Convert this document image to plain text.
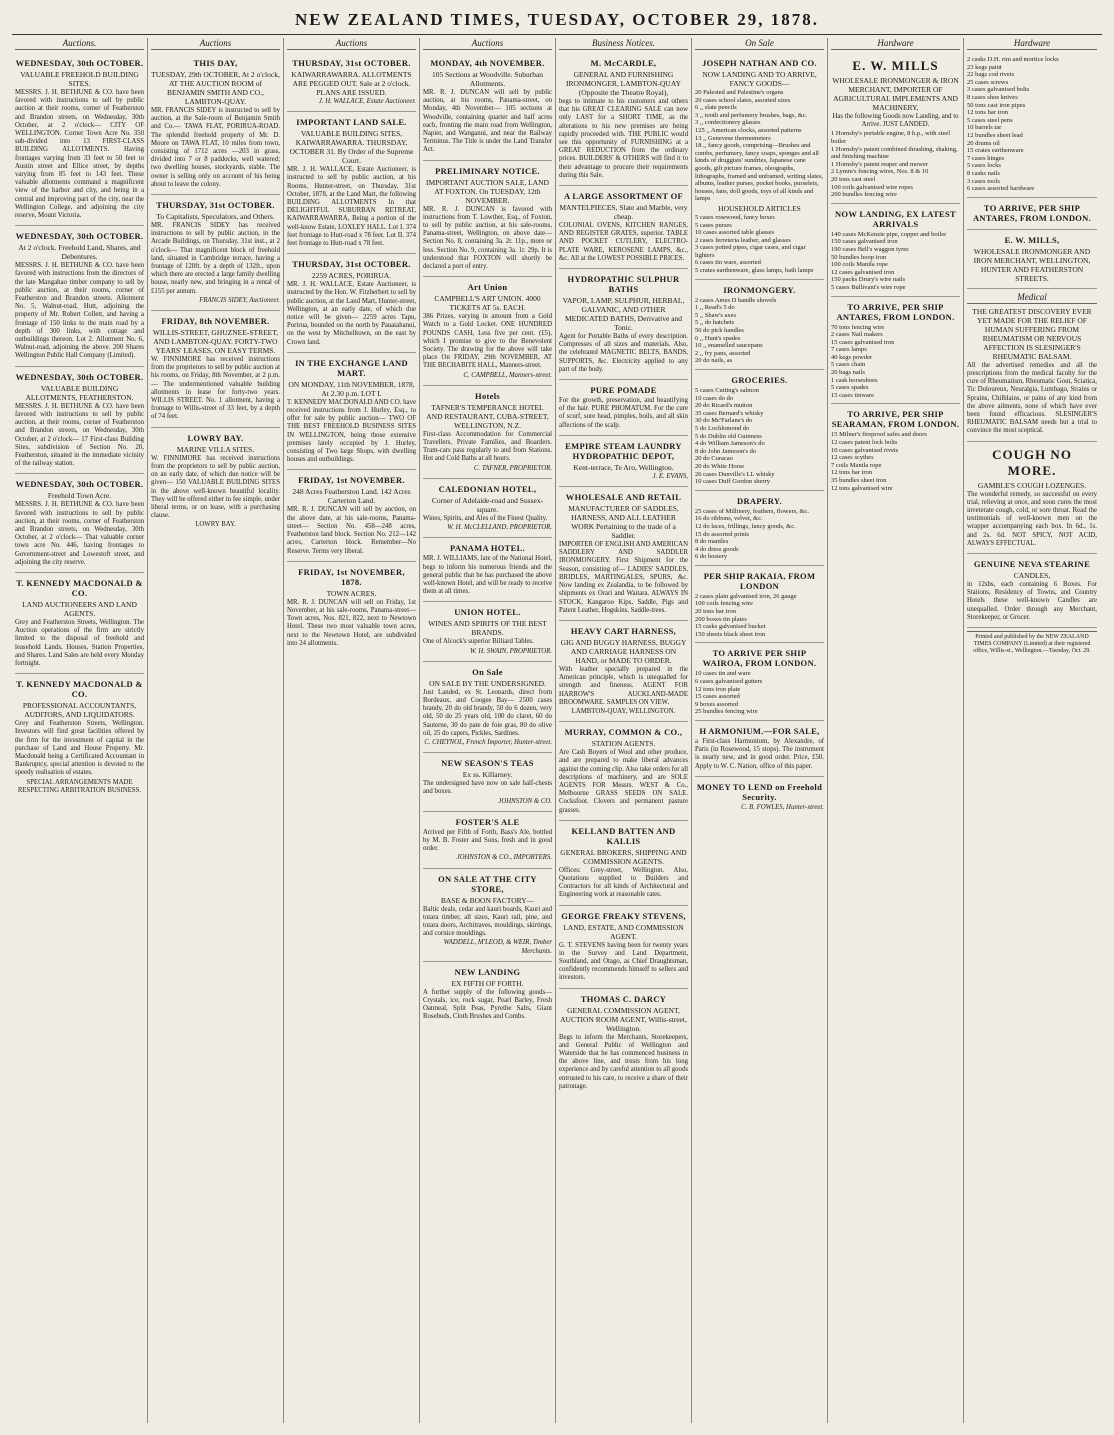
NEW ZEALAND TIMES, TUESDAY, OCTOBER 29, 1878.
Auctions.
WEDNESDAY, 30th OCTOBER.
VALUABLE FREEHOLD BUILDING SITES.

MESSRS. J. H. BETHUNE & CO. have been favored with instructions to sell by public auction at their rooms, corner of Featherston and Brandon streets, on Wednesday, 30th October, at 2 o'clock— CITY OF WELLINGTON. Corner Town Acre No. 350 sub-divided into 13 FIRST-CLASS BUILDING ALLOTMENTS. Having frontages varying from 33 feet to 50 feet to Austin street and Ellice street, by depths varying from 85 feet to 143 feet. These valuable allotments command a magnificent view of the harbor and city, and being in a central and improving part of the city, near the Wellington College, and adjoining the city reserve, Mount Victoria.

WEDNESDAY, 30th OCTOBER.
At 2 o'clock. Freehold Land, Shares, and Debentures.

MESSRS. J. H. BETHUNE & CO. have been favored with instructions from the directors of the late Mangahao timber company to sell by public auction, at their rooms, corner of Featherston and Brandon streets. Allotment No. 5, Walnut-road, Hutt, adjoining the property of Mr. Robert Collett, and having a frontage of 150 links to the main road by a depth of 300 links, with cottage and outbuildings thereon. Lot 2. Allotment No. 6, Walnut-road, adjoining the above. 200 Shares Wellington Public Hall Company (Limited).

WEDNESDAY, 30th OCTOBER.
VALUABLE BUILDING ALLOTMENTS, FEATHERSTON.

MESSRS. J. H. BETHUNE & CO. have been favored with instructions to sell by public auction, at their rooms, corner of Featherston and Brandon streets, on Wednesday, 30th October, at 2 o'clock— 17 First-class Building Sites, subdivision of Section No. 20, Featherston, situated in the immediate vicinity of the railway station.

WEDNESDAY, 30th OCTOBER.
Freehold Town Acre.

MESSRS. J. H. BETHUNE & CO. have been favored with instructions to sell by public auction, at their rooms, corner of Featherston and Brandon streets, on Wednesday, 30th October, at 2 o'clock— That valuable corner town acre No. 446, having frontages to Government-street and Lowestoft street, and adjoining the city reserve.

T. KENNEDY MACDONALD & CO.
LAND AUCTIONEERS AND LAND AGENTS.

Grey and Featherston Streets, Wellington. The Auction operations of the firm are strictly limited to the disposal of freehold and leasehold Lands, Houses, Station Properties, and Shares. Land Sales are held every Monday fortnight.

T. KENNEDY MACDONALD & CO.
PROFESSIONAL ACCOUNTANTS, AUDITORS, AND LIQUIDATORS.

Grey and Featherston Streets, Wellington. Investors will find great facilities offered by the firm for the investment of capital in the purchase of Land and House Property. Mr. Macdonald being a Certificated Accountant in Bankruptcy, special attention is devoted to the speedy realisation of estates.

SPECIAL ARRANGEMENTS MADE RESPECTING ARBITRATION BUSINESS.

Auctions
THIS DAY,
TUESDAY, 29th OCTOBER, At 2 o'clock, AT THE AUCTION ROOM of BENJAMIN SMITH AND CO., LAMBTON-QUAY.

MR. FRANCIS SIDEY is instructed to sell by auction, at the Sale-room of Benjamin Smith and Co.— TAWA FLAT, PORIRUA-ROAD. The splendid freehold property of Mr. D. Moore on TAWA FLAT, 10 miles from town, consisting of 1712 acres —203 in grass, divided into 7 or 8 paddocks, well watered; two dwelling houses, stockyards, stable. The owner is selling only on account of his being about to leave the colony.

THURSDAY, 31st OCTOBER.
To Capitalists, Speculators, and Others.

MR. FRANCIS SIDEY has received instructions to sell by public auction, in the Arcade Buildings, on Thursday, 31st inst., at 2 o'clock— That magnificent block of freehold land, situated in Cambridge terrace, having a frontage of 120ft. by a depth of 132ft., upon which there are erected a large family dwelling house, nearly new, and bringing in a rental of £155 per annum.

FRANCIS SIDEY, Auctioneer.

FRIDAY, 8th NOVEMBER.
WILLIS-STREET, GHUZNEE-STREET, AND LAMBTON-QUAY. FORTY-TWO YEARS' LEASES, ON EASY TERMS.

W. FINNIMORE has received instructions from the proprietors to sell by public auction at his rooms, on Friday, 8th November, at 2 p.m.— The undermentioned valuable building allotments in lease for forty-two years. WILLIS STREET. No. 1 allotment, having a frontage to Willis-street of 33 feet, by a depth of 74 feet.

LOWRY BAY.
MARINE VILLA SITES.

W. FINNIMORE has received instructions from the proprietors to sell by public auction, on an early date, of which due notice will be given— 150 VALUABLE BUILDING SITES in the above well-known beautiful locality. They will be offered either in fee simple, under liberal terms, or on lease, with a purchasing clause.

LOWRY BAY.

Auctions
THURSDAY, 31st OCTOBER.
KAIWARRAWARRA. ALLOTMENTS ARE PEGGED OUT. Sale at 2 o'clock. PLANS ARE ISSUED.

J. H. WALLACE, Estate Auctioneer.

IMPORTANT LAND SALE.
VALUABLE BUILDING SITES, KAIWARRAWARRA. THURSDAY, OCTOBER 31. By Order of the Supreme Court.

MR. J. H. WALLACE, Estate Auctioneer, is instructed to sell by public auction, at his Rooms, Hunter-street, on Thursday, 31st October, 1878, at the Land Mart, the following BUILDING ALLOTMENTS In that DELIGHTFUL SUBURBAN RETREAT, KAIWARRAWARRA, Being a portion of the well-know Estate, LOXLEY HALL. Lot I. 374 feet frontage to Hutt-road x 78 feet. Lot II. 374 feet frontage to Hutt-road x 78 feet.

THURSDAY, 31st OCTOBER.
2259 ACRES, PORIRUA.

MR. J. H. WALLACE, Estate Auctioneer, is instructed by the Hon. W. Fitzherbert to sell by public auction, at the Land Mart, Hunter-street, Wellington, at an early date, of which due notice will be given— 2259 acres Tapu, Porirua, bounded on the north by Pauatahanui, on the west by Mitchelltown, on the east by Crown land.

IN THE EXCHANGE LAND MART.
ON MONDAY, 11th NOVEMBER, 1878, At 2.30 p.m. LOT I.

T. KENNEDY MACDONALD AND CO. have received instructions from J. Hurley, Esq., to offer for sale by public auction— TWO OF THE BEST FREEHOLD BUSINESS SITES IN WELLINGTON, being those extensive premises lately occupied by J. Hurley, consisting of Two large Shops, with dwelling houses and outbuildings.

FRIDAY, 1st NOVEMBER.
248 Acres Featherston Land. 142 Acres Carterton Land.

MR. R. J. DUNCAN will sell by auction, on the above date, at his sale-rooms, Panama-street— Section No. 458—248 acres, Featherston land block. Section No. 212—142 acres, Carterton block. Remember—No Reserve. Terms very liberal.

FRIDAY, 1st NOVEMBER, 1878.
TOWN ACRES.

MR. R. J. DUNCAN will sell on Friday, 1st November, at his sale-rooms, Panama-street— Town acres, Nos. 821, 822, next to Newtown Hotel. These two most valuable town acres, next to the Newtown Hotel, are subdivided into 24 allotments.

Auctions
MONDAY, 4th NOVEMBER.
105 Sections at Woodville. Suburban Allotments.

MR. R. J. DUNCAN will sell by public auction, at his rooms, Panama-street, on Monday, 4th November— 105 sections at Woodville, containing quarter and half acres each, fronting the main road from Wellington, Napier, and Wanganui, and near the Railway Terminus. The Title is under the Land Transfer Act.

PRELIMINARY NOTICE.
IMPORTANT AUCTION SALE, LAND AT FOXTON. On TUESDAY, 12th NOVEMBER.

MR. R. J. DUNCAN is favored with instructions from T. Lowther, Esq., of Foxton, to sell by public auction, at his sale-rooms, Panama-street, Wellington, on above date— Section No. 8, containing 3a. 2r. 11p., more or less. Section No. 9, containing 3a. 1r. 29p. It is understood that FOXTON will shortly be declared a port of entry.

Art Union
CAMPBELL'S ART UNION. 4000 TICKETS AT 5s. EACH.

386 Prizes, varying in amount from a Gold Watch to a Gold Locket. ONE HUNDRED POUNDS CASH, Less five per cent. (£5), which I promise to give to the Benevolent Society. The drawing for the above will take place On FRIDAY, 29th NOVEMBER, AT THE BECHABITE HALL, Manners-street.

C. CAMPBELL, Manners-street.

Hotels
TAFNER'S TEMPERANCE HOTEL AND RESTAURANT, CUBA-STREET, WELLINGTON, N.Z.

First-class Accommodation for Commercial Travellers, Private Families, and Boarders. Tram-cars pass regularly to and from Stations. Hot and Cold Baths at all hours.

C. TAFNER, PROPRIETOR.

CALEDONIAN HOTEL,
Corner of Adelaide-road and Sussex-square.

Wines, Spirits, and Ales of the Finest Quality.

W. H. McCLELLAND, PROPRIETOR.

PANAMA HOTEL.

MR. J. WILLIAMS, late of the National Hotel, begs to inform his numerous friends and the general public that he has purchased the above well-known Hotel, and will be ready to receive them at all times.

UNION HOTEL.
WINES AND SPIRITS OF THE BEST BRANDS.

One of Alcock's superior Billiard Tables.

W. H. SWAIN, PROPRIETOR.

On Sale
ON SALE BY THE UNDERSIGNED.

Just Landed, ex St. Leonards, direct from Bordeaux, and Coogee Bay— 2500 cases brandy, 20 do old brandy, 50 do 6 dozen, very old, 50 do 25 years old, 100 do claret, 60 do Sauterne, 30 do pate de foie gras, 80 do olive oil, 25 do capers, Pickles, Sardines.

C. CHEYNOL, French Importer, Hunter-street.

NEW SEASON'S TEAS
Ex ss. Killarney.

The undersigned have now on sale half-chests and boxes.

JOHNSTON & CO.

FOSTER'S ALE

Arrived per Fifth of Forth, Bass's Ale, bottled by M. B. Foster and Sons, fresh and in good order.

JOHNSTON & CO., IMPORTERS.

ON SALE AT THE CITY STORE,
BASE & BOON FACTORY—

Baltic deals, cedar and kauri boards, Kauri and totara timber, all sizes, Kauri rail, pine, and totara doors, Architraves, mouldings, skirtings, and cornice mouldings.

WADDELL, M'LEOD, & WEIR, Timber Merchants.

NEW LANDING
EX FIFTH OF FORTH.

A further supply of the following goods— Crystals, ice, rock sugar, Pearl Barley, Fresh Oatmeal, Split Peas, Pyrethe Salts, Giant Rosebuds, Cloth Brushes and Combs.

Business Notices.
M. McCARDLE,
GENERAL AND FURNISHING IRONMONGER, LAMBTON-QUAY (Opposite the Theatre Royal),

begs to intimate to his customers and others that his GREAT CLEARING SALE can now only LAST for a SHORT TIME, as the alterations to his new premises are being rapidly proceeded with. THE PUBLIC would see this opportunity of FURNISHING at a GREAT REDUCTION from the ordinary prices. BUILDERS' & OTHERS will find it to their advantage to procure their requirements during this Sale.

A LARGE ASSORTMENT OF
MANTELPIECES, Slate and Marble, very cheap.

COLONIAL OVENS, KITCHEN RANGES, AND REGISTER GRATES, superior. TABLE AND POCKET CUTLERY, ELECTRO-PLATE WARE, KEROSENE LAMPS, &c., &c. All at the LOWEST POSSIBLE PRICES.

HYDROPATHIC SULPHUR BATHS
VAPOR, LAMP, SULPHUR, HERBAL, GALVANIC, AND OTHER MEDICATED BATHS, Derivative and Tonic.

Agent for Portable Baths of every description. Compresses of all sizes and materials. Also, the celebrated MAGNETIC BELTS, BANDS, SUPPORTS, &c. Electricity applied to any part of the body.

PURE POMADE

For the growth, preservation, and beautifying of the hair. PURE PHOMATUM. For the cure of scurf, sore head, pimples, boils, and all skin affections of the scalp.

EMPIRE STEAM LAUNDRY HYDROPATHIC DEPOT,
Kent-terrace, Te Aro, Wellington.

J. E. EVANS,

WHOLESALE AND RETAIL
MANUFACTURER OF SADDLES, HARNESS, AND ALL LEATHER WORK Pertaining to the trade of a Saddler.

IMPORTER OF ENGLISH AND AMERICAN SADDLERY AND SADDLER IRONMONGERY. First Shipment for the Season, consisting of— LADIES' SADDLES, BRIDLES, MARTINGALES, SPURS, &c. Now landing ex Zealandia, to be followed by shipments ex Orari and Waitara. ALWAYS IN STOCK, Kangaroo Kips, Saddle, Pigs and Patent Leather, Hogskins, Saddle-trees.

HEAVY CART HARNESS,
GIG AND BUGGY HARNESS, BUGGY AND CARRIAGE HARNESS ON HAND, or MADE TO ORDER.

With leather specially prepared in the American principle, which is unequalled for strength and fineness. AGENT FOR HARROW'S AUCKLAND-MADE BROOMWARE. SAMPLES ON VIEW.

LAMBTON-QUAY, WELLINGTON.

MURRAY, COMMON & CO.,
STATION AGENTS.

Are Cash Buyers of Wool and other produce, and are prepared to make liberal advances against the coming clip. Also take orders for all descriptions of machinery, and are SOLE AGENTS FOR Messrs. WEST & Co., Melbourne GRASS SEEDS ON SALE. Cocksfoot. Clovers and permanent pasture grasses.

KELLAND BATTEN AND KALLIS
GENERAL BROKERS, SHIPPING AND COMMISSION AGENTS.

Offices: Grey-street, Wellington. Also, Quotations supplied to Builders and Contractors for all kinds of Architectural and Engineering work at reasonable rates.

GEORGE FREAKY STEVENS,
LAND, ESTATE, AND COMMISSION AGENT.

G. T. STEVENS having been for twenty years in the Survey and Land Department, Southland, and Otago, as Chief Draughtsman, confidently recommends himself to sellers and investors.

THOMAS C. DARCY
GENERAL COMMISSION AGENT, AUCTION ROOM AGENT, Willis-street, Wellington.

Begs to inform the Merchants, Storekeepers, and General Public of Wellington and Waterside that he has commenced business in the above line, and trusts from his long experience and by careful attention to all goods entrusted to his care, to receive a share of their patronage.

On Sale
JOSEPH NATHAN AND CO.
NOW LANDING AND TO ARRIVE, FANCY GOODS—
20 Palested and Palestine's organs
20 cases school slates, assorted sizes
6 ,, slate pencils
3 ,, tooth and perfumery brushes, bags, &c.
3 ,, confectionery glasses
125 ,, American clocks, assorted patterns
13 ,, Genevese thermometers
18 ,, fancy goods, comprising—Brushes and combs, perfumery, fancy soaps, sponges and all kinds of druggists' sundries, Japanese cane goods, gilt picture frames, oleographs, lithographs, framed and unframed, writing slates, albums, leather purses, pocket books, purselets, houses, fans, doll goods, toys of all kinds and lamps
HOUSEHOLD ARTICLES
5 cases rosewood, fancy boxes
5 cases purses
10 cases assorted table glasses
2 cases ferreteria leather, and glasses
3 cases potted pipes, cigar cases, and cigar lighters
6 cases tin ware, assorted
5 crates earthenware, glass lamps, bath lamps
IRONMONGERY.
2 cases Ames D handle shovels
1 ,, Read's 5 do
5 ,, Shaw's axes
5 ,, do hatchets
50 do pick handles
6 ,, Hunt's spades
10 ,, enamelled saucepans
2 ,, fry pans, assorted
20 do nails, as
GROCERIES.
5 cases Cutting's salmon
10 cases do do
20 do Ricard's mutton
35 cases Bernard's whisky
30 do Mc'Farlane's do
5 do Lochlomond do
5 do Dublin old Guinness
4 do William Jameson's do
8 do John Jameson's do
20 do Curacao
20 do White Horse
26 cases Dunville's LL whisky
10 cases Duff Gordon sherry
DRAPERY.
25 cases of Millinery, feathers, flowers, &c.
16 do ribbons, velvet, &c.
12 do laces, frillings, fancy goods, &c.
15 do assorted prints
8 do mantles
4 do dress goods
6 do hosiery
PER SHIP RAKAIA, FROM LONDON
2 cases plain galvanised iron, 26 gauge
100 coils fencing wire
20 tons bar iron
200 boxes tin plates
15 casks galvanised bucket
150 sheets black sheet iron
TO ARRIVE PER SHIP WAIROA, FROM LONDON.
10 cases tin and ware
6 cases galvanised gutters
12 tons iron plate
15 cases assorted
9 boxes assorted
25 bundles fencing wire
H ARMONIUM.—FOR SALE,

a First-class Harmonium, by Alexandre, of Paris (in Rosewood, 15 stops). The instrument is nearly new, and in good order. Price, £50. Apply to W. C. Nation, office of this paper.

MONEY TO LEND on Freehold Security.

C. B. FOWLES, Hunter-street.

Hardware
E. W. MILLS
WHOLESALE IRONMONGER & IRON MERCHANT, IMPORTER OF AGRICULTURAL IMPLEMENTS AND MACHINERY,

Has the following Goods now Landing, and to Arrive. JUST LANDED.

1 Hornsby's portable engine, 8 h.p., with steel boiler
1 Hornsby's patent combined thrashing, shaking, and finishing machine
1 Hornsby's patent reaper and mower
2 Lymm's fencing wires, Nos. 8 & 10
20 tons cast steel
100 coils galvanised wire ropes
200 bundles fencing wire
NOW LANDING, EX LATEST ARRIVALS
140 cases McKenzie pipe, copper and boiler
150 cases galvanised iron
190 cases Bell's waggon tyres
50 bundles hoop iron
100 coils Manila rope
12 cases galvanised iron
150 packs Drury's wire nails
5 cases Bullivant's wire rope
TO ARRIVE, PER SHIP ANTARES, FROM LONDON.
70 tons fencing wire
2 cases Nail makers
15 cases galvanised iron
7 cases lamps
40 kegs powder
5 cases chain
20 bags nails
1 cask horseshoes
5 cases spades
15 cases tinware
TO ARRIVE, PER SHIP SEARAMAN, FROM LONDON.
15 Milner's fireproof safes and doors
12 cases patent lock bolts
10 cases galvanised rivets
12 cases scythes
7 coils Manila rope
12 tons bar iron
35 bundles sheet iron
12 tons galvanised wire
Hardware
2 casks D.H. rim and mortice locks
23 kegs paint
22 bags cod rivets
25 cases screws
3 cases galvanised bolts
8 cases shoe knives
50 tons cast iron pipes
12 tons bar iron
5 cases steel pens
10 barrels tar
12 bundles sheet lead
20 drums oil
15 crates earthenware
7 cases hinges
5 cases locks
8 casks nails
3 cases tools
6 cases assorted hardware
TO ARRIVE, PER SHIP ANTARES, FROM LONDON.
E. W. MILLS,
WHOLESALE IRONMONGER AND IRON MERCHANT, WELLINGTON, HUNTER AND FEATHERSTON STREETS.
Medical
THE GREATEST DISCOVERY EVER YET MADE FOR THE RELIEF OF HUMAN SUFFERING FROM RHEUMATISM OR NERVOUS AFFECTION IS SLESINGER'S RHEUMATIC BALSAM.

All the advertised remedies and all the prescriptions from the medical faculty for the cure of Rheumatism, Rheumatic Gout, Sciatica, Tic Doloureux, Neuralgia, Lumbago, Strains or Sprains, Chilblains, or pains of any kind from the above ailments, none of which have ever been found efficacious. SLESINGER'S RHEUMATIC BALSAM needs but a trial to convince the most sceptical.

COUGH NO MORE.
GAMBLE'S COUGH LOZENGES.

The wonderful remedy, so successful on every trial, relieving at once, and soon cures the most inveterate cough, cold, or sore throat. Read the testimonials of well-known men on the wrapper accompanying each box. In 6d., 1s. and 2s. 6d. NOT SPICY, NOT ACID, ALWAYS EFFECTUAL.

GENUINE NEVA STEARINE
CANDLES,

in 12sbs, each containing 6 Boxes. For Stations, Residency of Towns, and Country Hotels these well-known Candles are unequalled. Order through any Merchant, Storekeeper, or Grocer.

Printed and published by the NEW ZEALAND TIMES COMPANY (Limited) at their registered office, Willis-st., Wellington.—Tuesday, Oct. 29.
